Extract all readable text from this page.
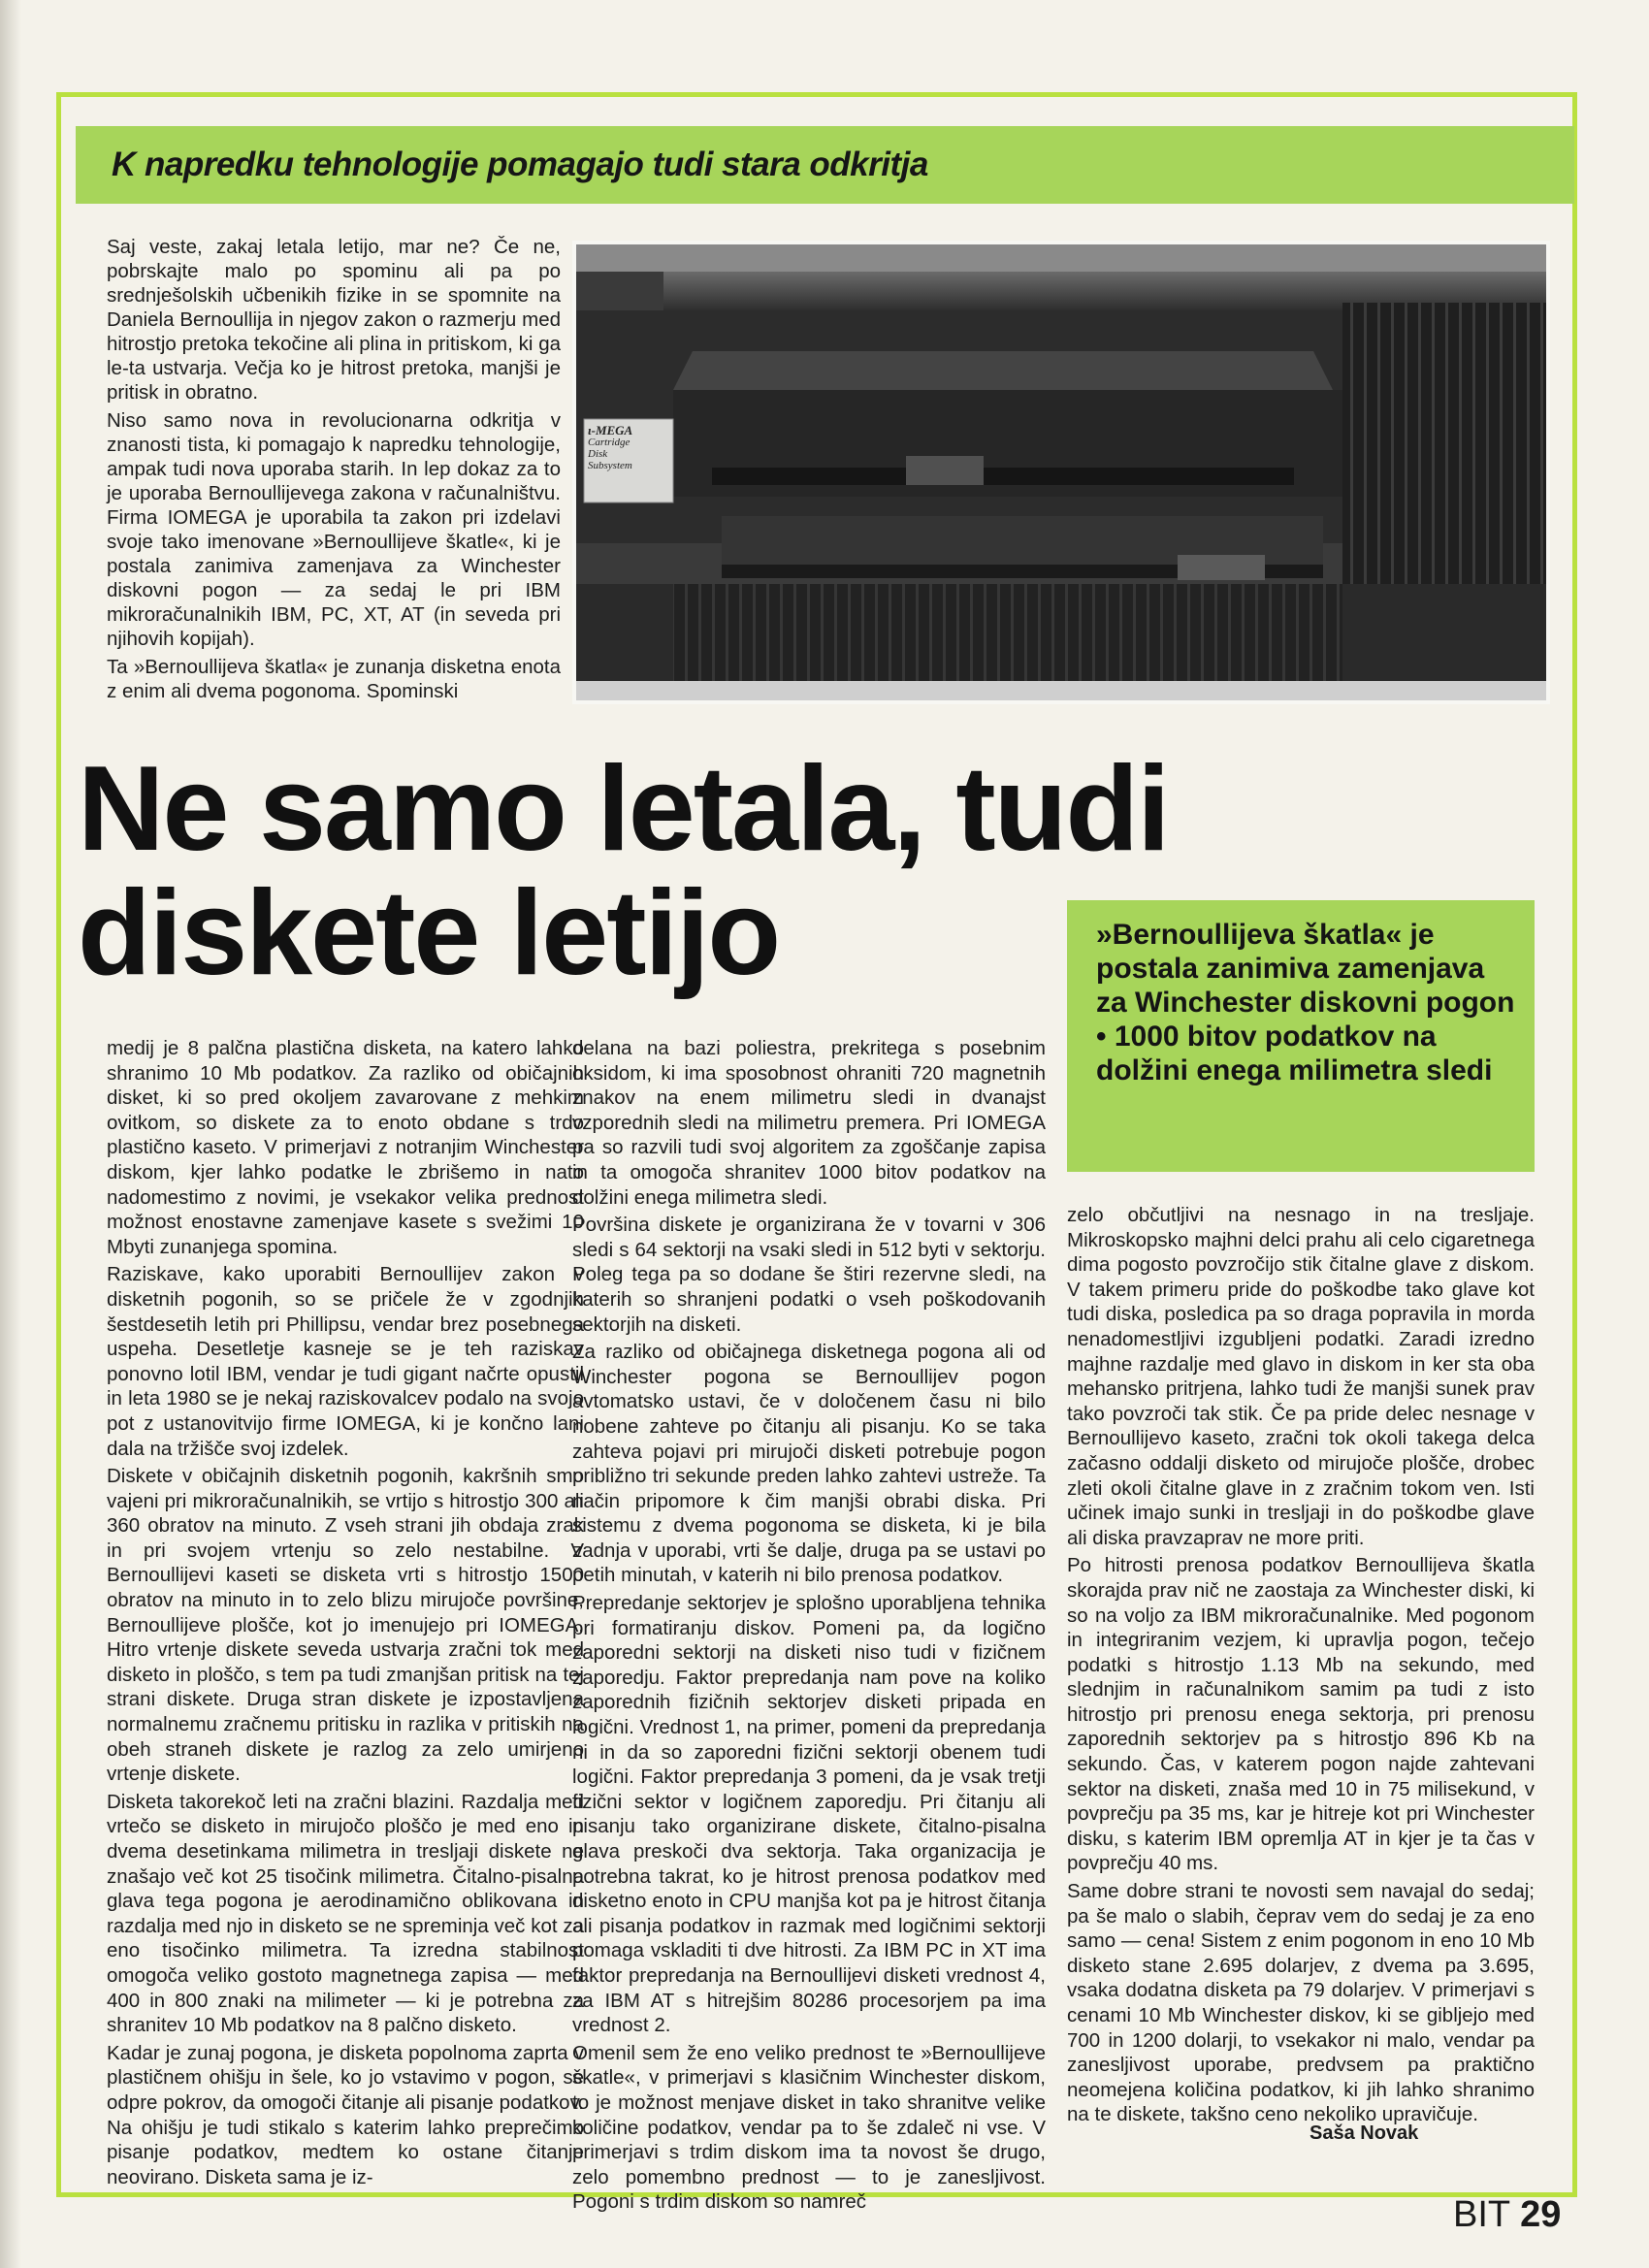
K napredku tehnologije pomagajo tudi stara odkritja

Saj veste, zakaj letala letijo, mar ne? Če ne, pobrskajte malo po spominu ali pa po srednješolskih učbenikih fizike in se spomnite na Daniela Bernoullija in njegov zakon o razmerju med hitrostjo pretoka tekočine ali plina in pritiskom, ki ga le-ta ustvarja. Večja ko je hitrost pretoka, manjši je pritisk in obratno.

Niso samo nova in revolucionarna odkritja v znanosti tista, ki pomagajo k napredku tehnologije, ampak tudi nova uporaba starih. In lep dokaz za to je uporaba Bernoullijevega zakona v računalništvu. Firma IOMEGA je uporabila ta zakon pri izdelavi svoje tako imenovane »Bernoullijeve škatle«, ki je postala zanimiva zamenjava za Winchester diskovni pogon — za sedaj le pri IBM mikroračunalnikih IBM, PC, XT, AT (in seveda pri njihovih kopijah).

Ta »Bernoullijeva škatla« je zunanja disketna enota z enim ali dvema pogonoma. Spominski

ι-MEGA
Cartridge
Disk
Subsystem
Ne samo letala, tudi
diskete letijo	»Bernoullijeva škatla« je postala zanimiva zamenjava za Winchester diskovni pogon • 1000 bitov podatkov na dolžini enega milimetra sledi

medij je 8 palčna plastična disketa, na katero lahko shranimo 10 Mb podatkov. Za razliko od običajnih disket, ki so pred okoljem zavarovane z mehkim ovitkom, so diskete za to enoto obdane s trdo plastično kaseto. V primerjavi z notranjim Winchester diskom, kjer lahko podatke le zbrišemo in nato nadomestimo z novimi, je vsekakor velika prednost možnost enostavne zamenjave kasete s svežimi 10 Mbyti zunanjega spomina.

Raziskave, kako uporabiti Bernoullijev zakon v disketnih pogonih, so se pričele že v zgodnjih šestdesetih letih pri Phillipsu, vendar brez posebnega uspeha. Desetletje kasneje se je teh raziskav ponovno lotil IBM, vendar je tudi gigant načrte opustil in leta 1980 se je nekaj raziskovalcev podalo na svojo pot z ustanovitvijo firme IOMEGA, ki je končno lani dala na tržišče svoj izdelek.

Diskete v običajnih disketnih pogonih, kakršnih smo vajeni pri mikroračunalnikih, se vrtijo s hitrostjo 300 ali 360 obratov na minuto. Z vseh strani jih obdaja zrak in pri svojem vrtenju so zelo nestabilne. V Bernoullijevi kaseti se disketa vrti s hitrostjo 1500 obratov na minuto in to zelo blizu mirujoče površine, Bernoullijeve plošče, kot jo imenujejo pri IOMEGA. Hitro vrtenje diskete seveda ustvarja zračni tok med disketo in ploščo, s tem pa tudi zmanjšan pritisk na tej strani diskete. Druga stran diskete je izpostavljena normalnemu zračnemu pritisku in razlika v pritiskih na obeh straneh diskete je razlog za zelo umirjeno vrtenje diskete.

Disketa takorekoč leti na zračni blazini. Razdalja med vrtečo se disketo in mirujočo ploščo je med eno in dvema desetinkama milimetra in tresljaji diskete ne znašajo več kot 25 tisočink milimetra. Čitalno-pisalna glava tega pogona je aerodinamično oblikovana in razdalja med njo in disketo se ne spreminja več kot za eno tisočinko milimetra. Ta izredna stabilnost omogoča veliko gostoto magnetnega zapisa — med 400 in 800 znaki na milimeter — ki je potrebna za shranitev 10 Mb podatkov na 8 palčno disketo.

Kadar je zunaj pogona, je disketa popolnoma zaprta v plastičnem ohišju in šele, ko jo vstavimo v pogon, se odpre pokrov, da omogoči čitanje ali pisanje podatkov. Na ohišju je tudi stikalo s katerim lahko preprečimo pisanje podatkov, medtem ko ostane čitanje neovirano. Disketa sama je iz-

delana na bazi poliestra, prekritega s posebnim oksidom, ki ima sposobnost ohraniti 720 magnetnih znakov na enem milimetru sledi in dvanajst vzporednih sledi na milimetru premera. Pri IOMEGA pa so razvili tudi svoj algoritem za zgoščanje zapisa in ta omogoča shranitev 1000 bitov podatkov na dolžini enega milimetra sledi.

Površina diskete je organizirana že v tovarni v 306 sledi s 64 sektorji na vsaki sledi in 512 byti v sektorju. Poleg tega pa so dodane še štiri rezervne sledi, na katerih so shranjeni podatki o vseh poškodovanih sektorjih na disketi.

Za razliko od običajnega disketnega pogona ali od Winchester pogona se Bernoullijev pogon avtomatsko ustavi, če v določenem času ni bilo nobene zahteve po čitanju ali pisanju. Ko se taka zahteva pojavi pri mirujoči disketi potrebuje pogon približno tri sekunde preden lahko zahtevi ustreže. Ta način pripomore k čim manjši obrabi diska. Pri sistemu z dvema pogonoma se disketa, ki je bila zadnja v uporabi, vrti še dalje, druga pa se ustavi po petih minutah, v katerih ni bilo prenosa podatkov.

Prepredanje sektorjev je splošno uporabljena tehnika pri formatiranju diskov. Pomeni pa, da logično zaporedni sektorji na disketi niso tudi v fizičnem zaporedju. Faktor prepredanja nam pove na koliko zaporednih fizičnih sektorjev disketi pripada en logični. Vrednost 1, na primer, pomeni da prepredanja ni in da so zaporedni fizični sektorji obenem tudi logični. Faktor prepredanja 3 pomeni, da je vsak tretji fizični sektor v logičnem zaporedju. Pri čitanju ali pisanju tako organizirane diskete, čitalno-pisalna glava preskoči dva sektorja. Taka organizacija je potrebna takrat, ko je hitrost prenosa podatkov med disketno enoto in CPU manjša kot pa je hitrost čitanja ali pisanja podatkov in razmak med logičnimi sektorji pomaga vskladiti ti dve hitrosti. Za IBM PC in XT ima faktor prepredanja na Bernoullijevi disketi vrednost 4, za IBM AT s hitrejšim 80286 procesorjem pa ima vrednost 2.

Omenil sem že eno veliko prednost te »Bernoullijeve škatle«, v primerjavi s klasičnim Winchester diskom, to je možnost menjave disket in tako shranitve velike količine podatkov, vendar pa to še zdaleč ni vse. V primerjavi s trdim diskom ima ta novost še drugo, zelo pomembno prednost — to je zanesljivost. Pogoni s trdim diskom so namreč

zelo občutljivi na nesnago in na tresljaje. Mikroskopsko majhni delci prahu ali celo cigaretnega dima pogosto povzročijo stik čitalne glave z diskom. V takem primeru pride do poškodbe tako glave kot tudi diska, posledica pa so draga popravila in morda nenadomestljivi izgubljeni podatki. Zaradi izredno majhne razdalje med glavo in diskom in ker sta oba mehansko pritrjena, lahko tudi že manjši sunek prav tako povzroči tak stik. Če pa pride delec nesnage v Bernoullijevo kaseto, zračni tok okoli takega delca začasno oddalji disketo od mirujoče plošče, drobec zleti okoli čitalne glave in z zračnim tokom ven. Isti učinek imajo sunki in tresljaji in do poškodbe glave ali diska pravzaprav ne more priti.

Po hitrosti prenosa podatkov Bernoullijeva škatla skorajda prav nič ne zaostaja za Winchester diski, ki so na voljo za IBM mikroračunalnike. Med pogonom in integriranim vezjem, ki upravlja pogon, tečejo podatki s hitrostjo 1.13 Mb na sekundo, med slednjim in računalnikom samim pa tudi z isto hitrostjo pri prenosu enega sektorja, pri prenosu zaporednih sektorjev pa s hitrostjo 896 Kb na sekundo. Čas, v katerem pogon najde zahtevani sektor na disketi, znaša med 10 in 75 milisekund, v povprečju pa 35 ms, kar je hitreje kot pri Winchester disku, s katerim IBM opremlja AT in kjer je ta čas v povprečju 40 ms.

Same dobre strani te novosti sem navajal do sedaj; pa še malo o slabih, čeprav vem do sedaj je za eno samo — cena! Sistem z enim pogonom in eno 10 Mb disketo stane 2.695 dolarjev, z dvema pa 3.695, vsaka dodatna disketa pa 79 dolarjev. V primerjavi s cenami 10 Mb Winchester diskov, ki se gibljejo med 700 in 1200 dolarji, to vsekakor ni malo, vendar pa zanesljivost uporabe, predvsem pa praktično neomejena količina podatkov, ki jih lahko shranimo na te diskete, takšno ceno nekoliko upravičuje.

Saša Novak
BIT 29
